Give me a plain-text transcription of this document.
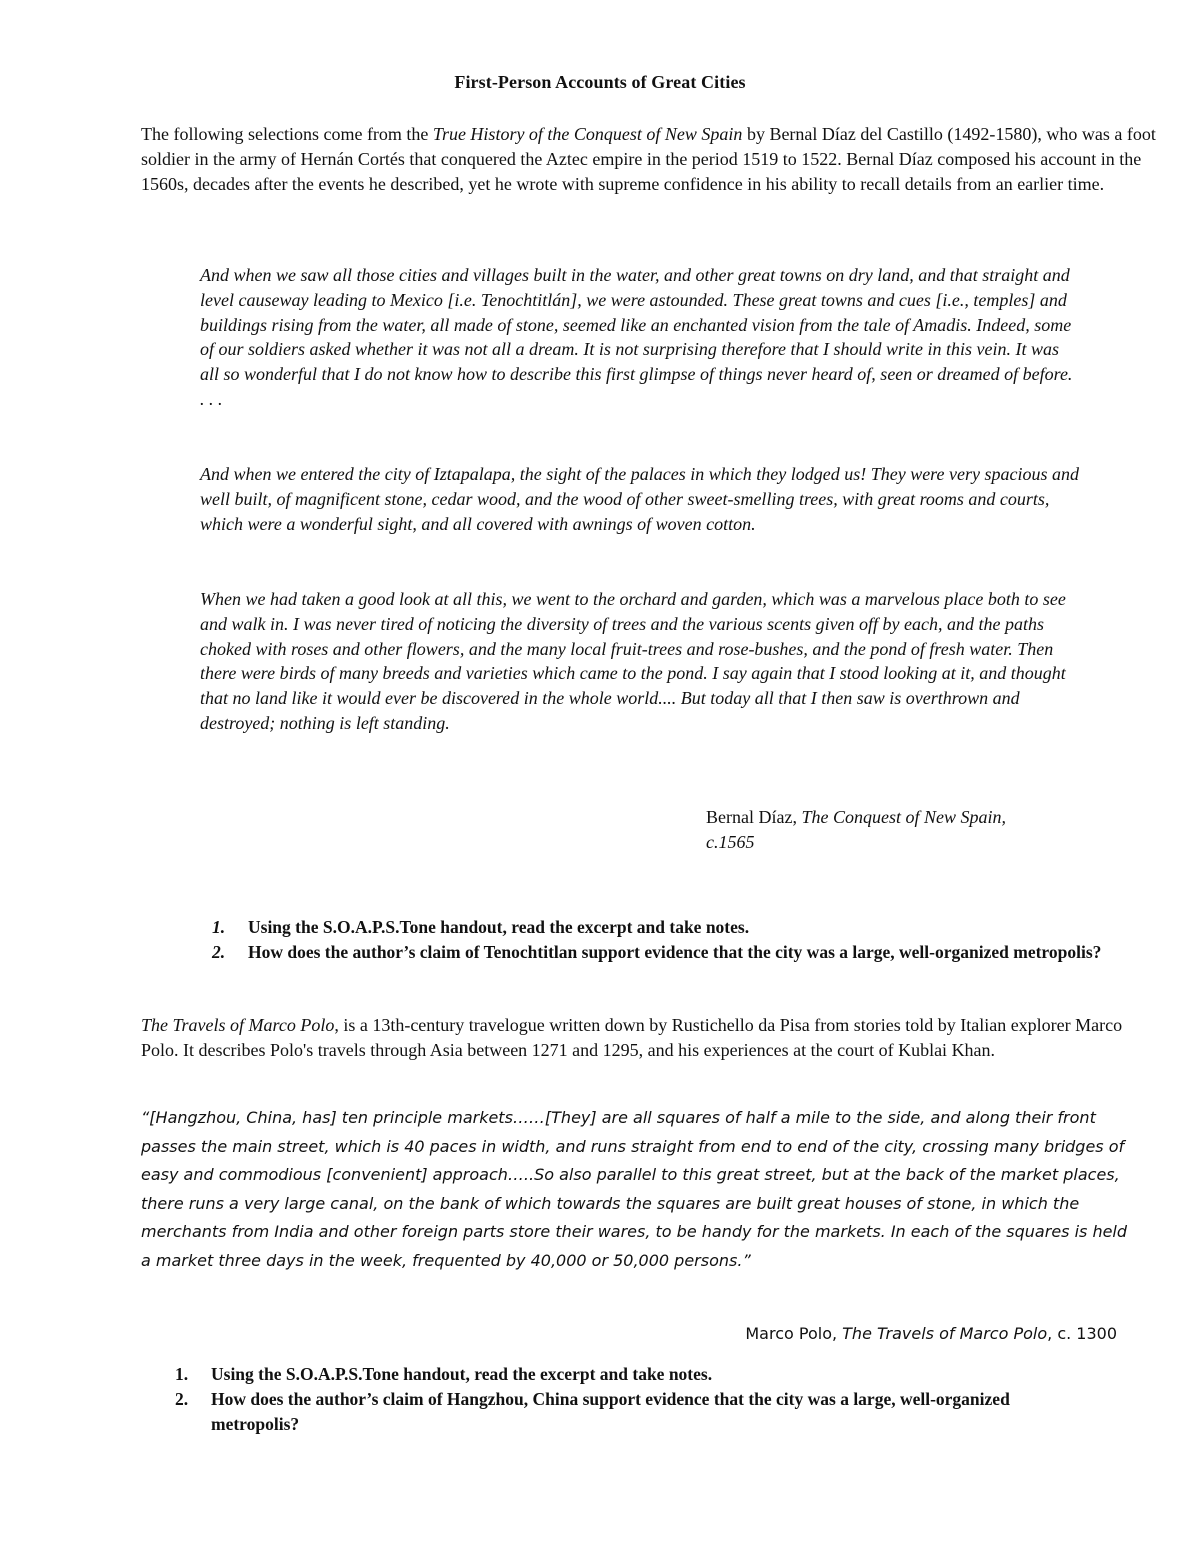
First-Person Accounts of Great Cities

The following selections come from the True History of the Conquest of New Spain by Bernal Díaz del Castillo (1492-1580), who was a foot soldier in the army of Hernán Cortés that conquered the Aztec empire in the period 1519 to 1522. Bernal Díaz composed his account in the 1560s, decades after the events he described, yet he wrote with supreme confidence in his ability to recall details from an earlier time.

And when we saw all those cities and villages built in the water, and other great towns on dry land, and that straight and level causeway leading to Mexico [i.e. Tenochtitlán], we were astounded. These great towns and cues [i.e., temples] and buildings rising from the water, all made of stone, seemed like an enchanted vision from the tale of Amadis. Indeed, some of our soldiers asked whether it was not all a dream. It is not surprising therefore that I should write in this vein. It was all so wonderful that I do not know how to describe this first glimpse of things never heard of, seen or dreamed of before. . . .

And when we entered the city of Iztapalapa, the sight of the palaces in which they lodged us! They were very spacious and well built, of magnificent stone, cedar wood, and the wood of other sweet-smelling trees, with great rooms and courts, which were a wonderful sight, and all covered with awnings of woven cotton.

When we had taken a good look at all this, we went to the orchard and garden, which was a marvelous place both to see and walk in. I was never tired of noticing the diversity of trees and the various scents given off by each, and the paths choked with roses and other flowers, and the many local fruit-trees and rose-bushes, and the pond of fresh water. Then there were birds of many breeds and varieties which came to the pond. I say again that I stood looking at it, and thought that no land like it would ever be discovered in the whole world.... But today all that I then saw is overthrown and destroyed; nothing is left standing.

Bernal Díaz, The Conquest of New Spain,
c.1565

1. Using the S.O.A.P.S.Tone handout, read the excerpt and take notes.
2. How does the author’s claim of Tenochtitlan support evidence that the city was a large, well-organized metropolis?

The Travels of Marco Polo, is a 13th-century travelogue written down by Rustichello da Pisa from stories told by Italian explorer Marco Polo. It describes Polo's travels through Asia between 1271 and 1295, and his experiences at the court of Kublai Khan.

“[Hangzhou, China, has] ten principle markets……[They] are all squares of half a mile to the side, and along their front passes the main street, which is 40 paces in width, and runs straight from end to end of the city, crossing many bridges of easy and commodious [convenient] approach…..So also parallel to this great street, but at the back of the market places, there runs a very large canal, on the bank of which towards the squares are built great houses of stone, in which the merchants from India and other foreign parts store their wares, to be handy for the markets. In each of the squares is held a market three days in the week, frequented by 40,000 or 50,000 persons.”

Marco Polo, The Travels of Marco Polo, c. 1300

1. Using the S.O.A.P.S.Tone handout, read the excerpt and take notes.
2. How does the author’s claim of Hangzhou, China support evidence that the city was a large, well-organized metropolis?
